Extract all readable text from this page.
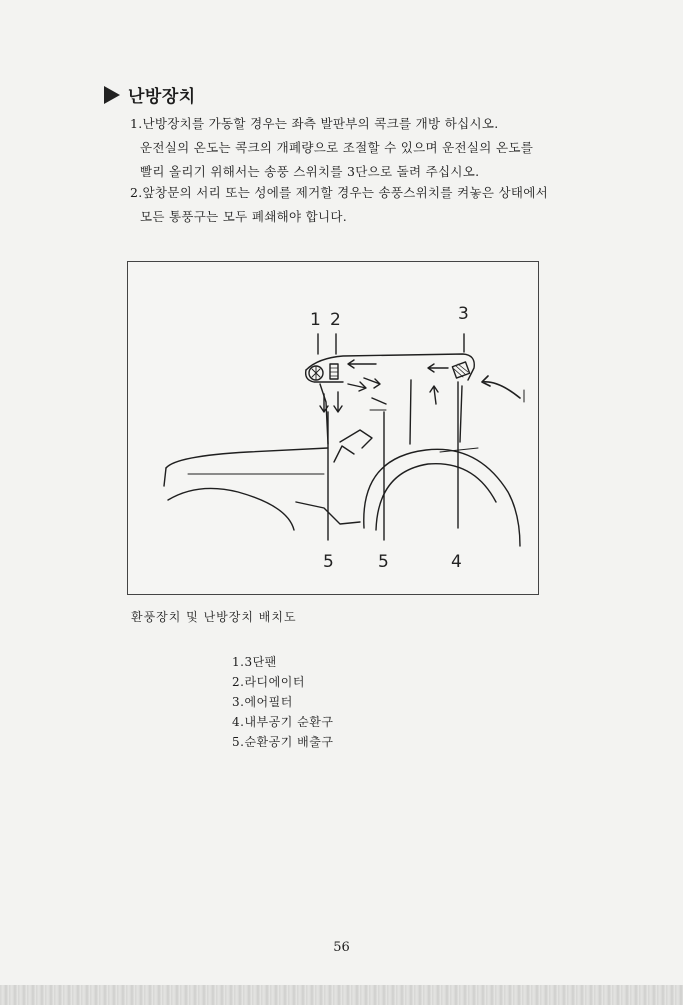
난방장치
1.난방장치를 가동할 경우는 좌측 발판부의 콕크를 개방 하십시오.
운전실의 온도는 콕크의 개폐량으로 조절할 수 있으며 운전실의 온도를
빨리 올리기 위해서는 송풍 스위치를 3단으로 돌려 주십시오.
2.앞창문의 서리 또는 성에를 제거할 경우는 송풍스위치를 켜놓은 상태에서
모든 통풍구는 모두 폐쇄해야 합니다.
1 2	3
4
5	5
환풍장치 및 난방장치 배치도
1.3단팬
2.라디에이터
3.에어필터
4.내부공기 순환구
5.순환공기 배출구
56
